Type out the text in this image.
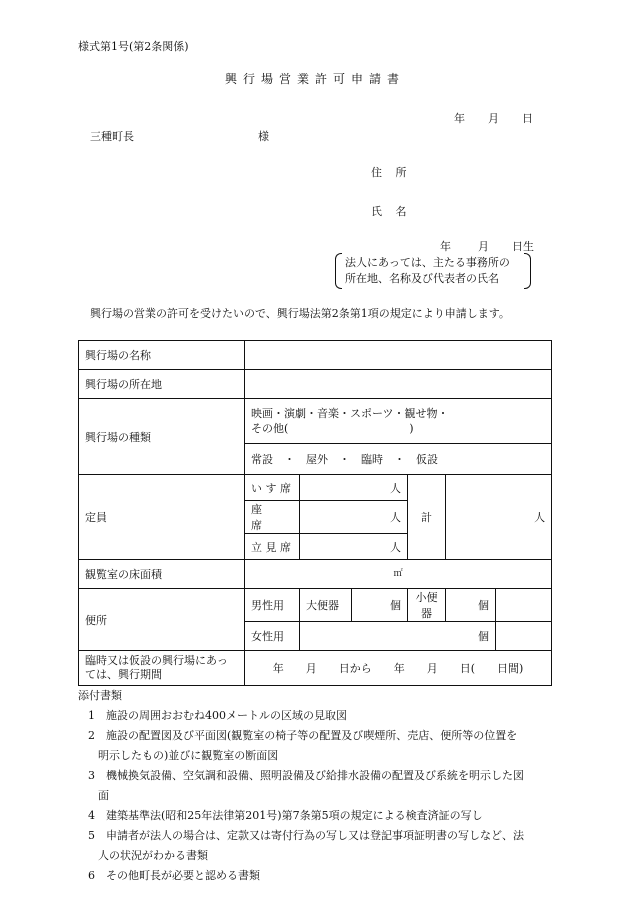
様式第1号(第2条関係)
興行場営業許可申請書
年 月 日
三種町長	様
住 所
氏 名
年 月 日生
法人にあっては、主たる事務所の
所在地、名称及び代表者の氏名
興行場の営業の許可を受けたいので、興行場法第2条第1項の規定により申請します。
興行場の名称						
興行場の所在地						
興行場の種類	映画・演劇・音楽・スポーツ・観せ物・
その他(　　　　　　　　　　　)					

	常設　・　屋外　・　臨時　・　仮設					
定員	い す 席	人		計	人	
	座　　席	人				
	立 見 席	人				
観覧室の床面積	㎡
便所	男性用	大便器	個	小便器	個	
	女性用	個				
臨時又は仮設の興行場にあっては、興行期間	年　　月　　日から　　年　　月　　日(　　日間)					
添付書類
1 施設の周囲おおむね400メートルの区域の見取図
2 施設の配置図及び平面図(観覧室の椅子等の配置及び喫煙所、売店、便所等の位置を
明示したもの)並びに観覧室の断面図
3 機械換気設備、空気調和設備、照明設備及び給排水設備の配置及び系統を明示した図
面
4 建築基準法(昭和25年法律第201号)第7条第5項の規定による検査済証の写し
5 申請者が法人の場合は、定款又は寄付行為の写し又は登記事項証明書の写しなど、法
人の状況がわかる書類
6 その他町長が必要と認める書類
